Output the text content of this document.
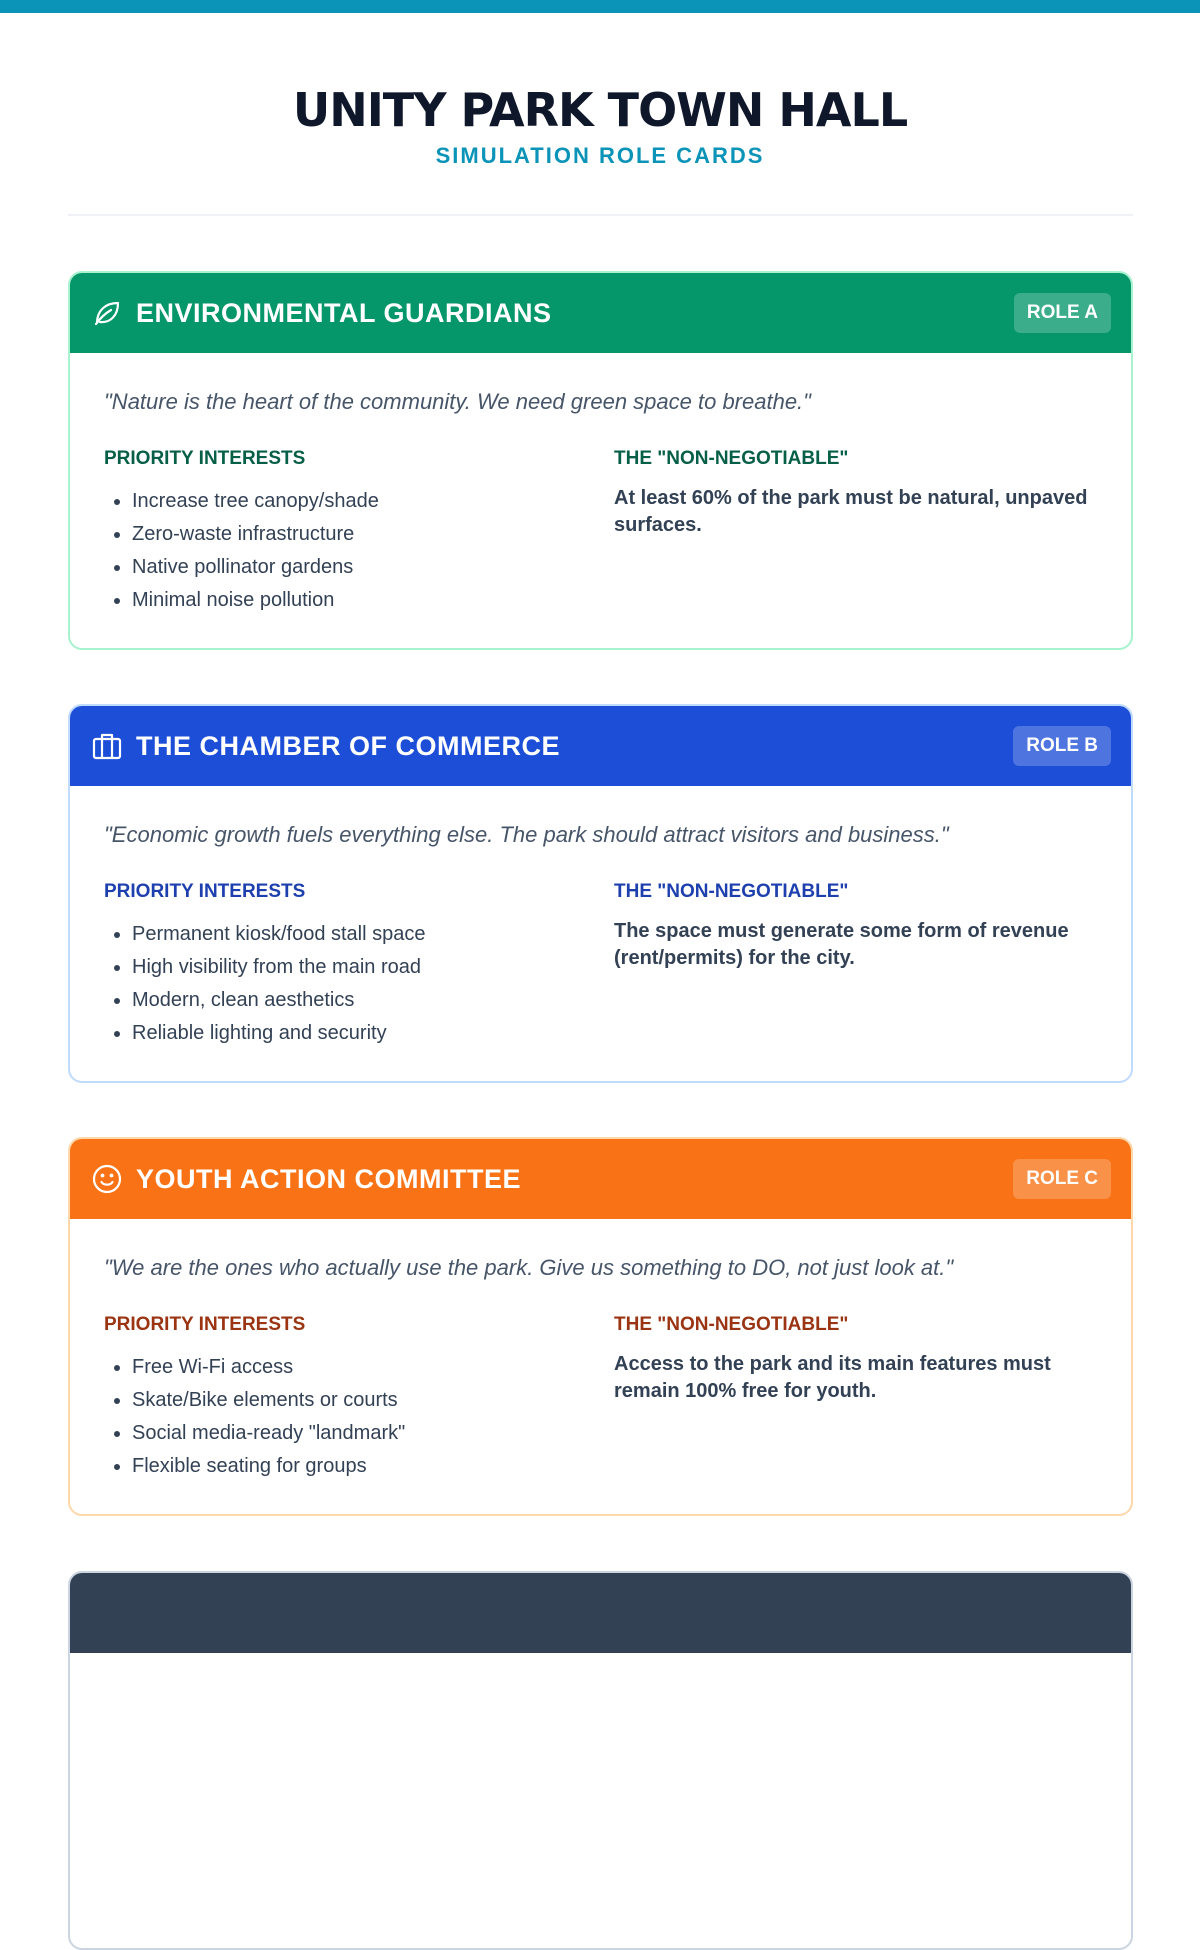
UNITY PARK TOWN HALL
SIMULATION ROLE CARDS
ENVIRONMENTAL GUARDIANS	ROLE A

"Nature is the heart of the community. We need green space to breathe."

PRIORITY INTERESTS
• Increase tree canopy/shade
• Zero-waste infrastructure
• Native pollinator gardens
• Minimal noise pollution
THE "NON-NEGOTIABLE"

At least 60% of the park must be natural, unpaved surfaces.

THE CHAMBER OF COMMERCE	ROLE B

"Economic growth fuels everything else. The park should attract visitors and business."

PRIORITY INTERESTS
• Permanent kiosk/food stall space
• High visibility from the main road
• Modern, clean aesthetics
• Reliable lighting and security
THE "NON-NEGOTIABLE"

The space must generate some form of revenue (rent/permits) for the city.

YOUTH ACTION COMMITTEE	ROLE C

"We are the ones who actually use the park. Give us something to DO, not just look at."

PRIORITY INTERESTS
• Free Wi-Fi access
• Skate/Bike elements or courts
• Social media-ready "landmark"
• Flexible seating for groups
THE "NON-NEGOTIABLE"

Access to the park and its main features must remain 100% free for youth.
